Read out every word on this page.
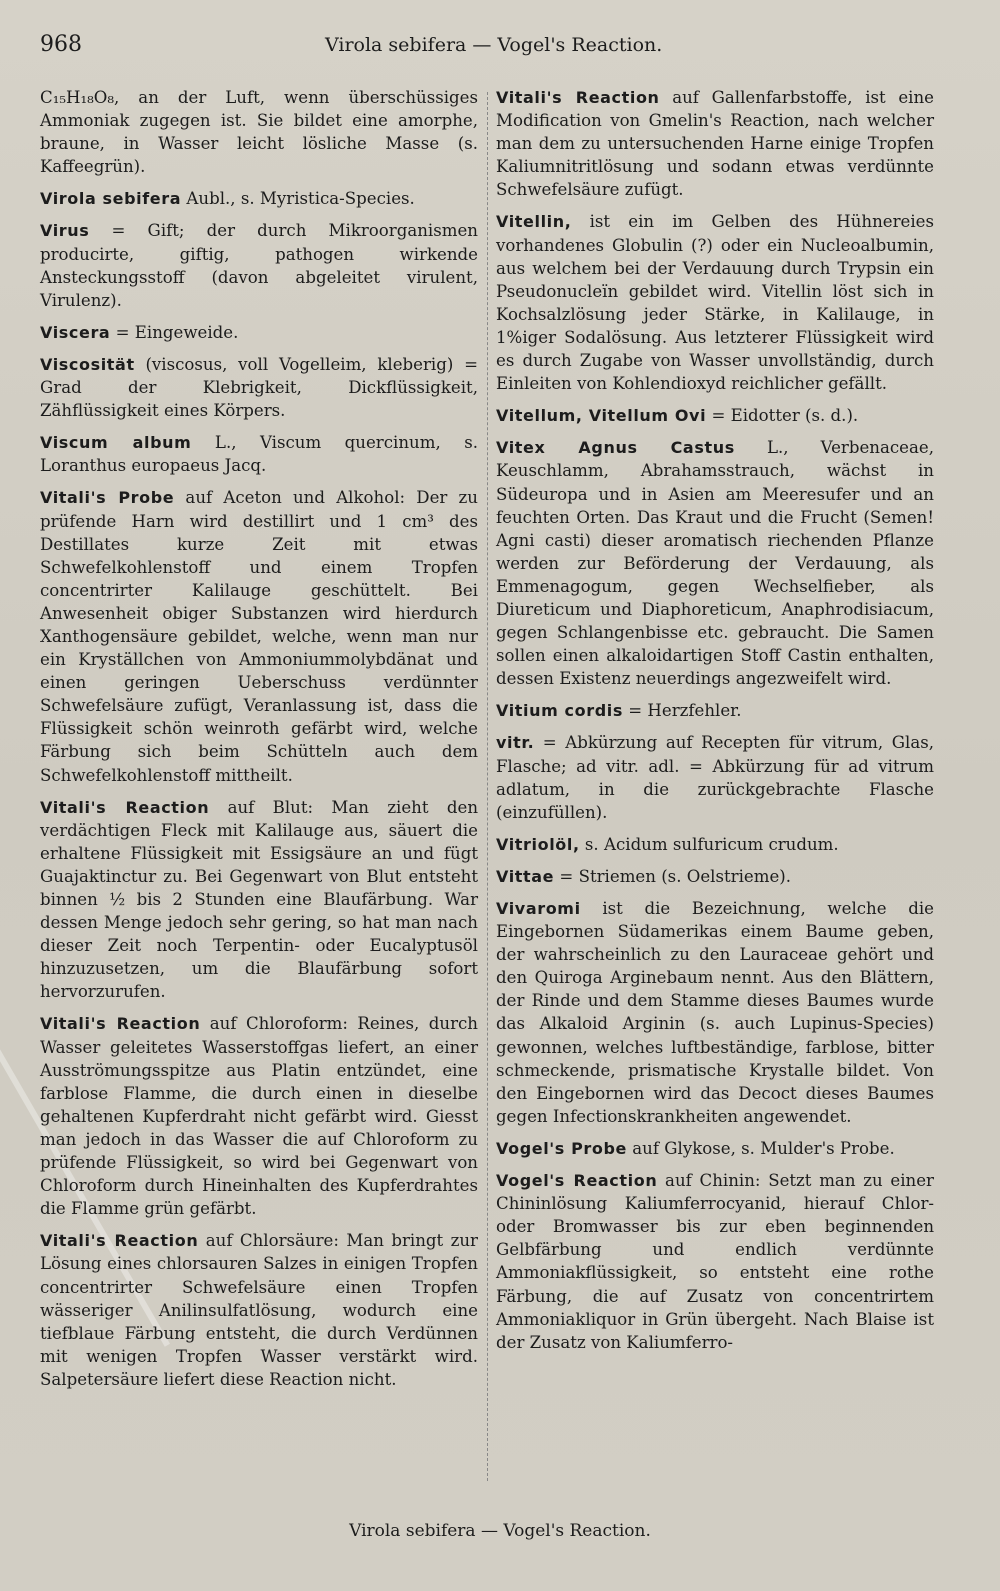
968	Virola sebifera — Vogel's Reaction.

C₁₅H₁₈O₈, an der Luft, wenn überschüssiges Ammoniak zugegen ist. Sie bildet eine amorphe, braune, in Wasser leicht lösliche Masse (s. Kaffeegrün).

Virola sebifera Aubl., s. Myristica-Species.

Virus = Gift; der durch Mikroorganismen producirte, giftig, pathogen wirkende Ansteckungsstoff (davon abgeleitet virulent, Virulenz).

Viscera = Eingeweide.

Viscosität (viscosus, voll Vogelleim, kleberig) = Grad der Klebrigkeit, Dickflüssigkeit, Zähflüssigkeit eines Körpers.

Viscum album L., Viscum quercinum, s. Loranthus europaeus Jacq.

Vitali's Probe auf Aceton und Alkohol: Der zu prüfende Harn wird destillirt und 1 cm³ des Destillates kurze Zeit mit etwas Schwefelkohlenstoff und einem Tropfen concentrirter Kalilauge geschüttelt. Bei Anwesenheit obiger Substanzen wird hierdurch Xanthogensäure gebildet, welche, wenn man nur ein Kryställchen von Ammoniummolybdänat und einen geringen Ueberschuss verdünnter Schwefelsäure zufügt, Veranlassung ist, dass die Flüssigkeit schön weinroth gefärbt wird, welche Färbung sich beim Schütteln auch dem Schwefelkohlenstoff mittheilt.

Vitali's Reaction auf Blut: Man zieht den verdächtigen Fleck mit Kalilauge aus, säuert die erhaltene Flüssigkeit mit Essigsäure an und fügt Guajaktinctur zu. Bei Gegenwart von Blut entsteht binnen ½ bis 2 Stunden eine Blaufärbung. War dessen Menge jedoch sehr gering, so hat man nach dieser Zeit noch Terpentin- oder Eucalyptusöl hinzuzusetzen, um die Blaufärbung sofort hervorzurufen.

Vitali's Reaction auf Chloroform: Reines, durch Wasser geleitetes Wasserstoffgas liefert, an einer Ausströmungsspitze aus Platin entzündet, eine farblose Flamme, die durch einen in dieselbe gehaltenen Kupferdraht nicht gefärbt wird. Giesst man jedoch in das Wasser die auf Chloroform zu prüfende Flüssigkeit, so wird bei Gegenwart von Chloroform durch Hineinhalten des Kupferdrahtes die Flamme grün gefärbt.

Vitali's Reaction auf Chlorsäure: Man bringt zur Lösung eines chlorsauren Salzes in einigen Tropfen concentrirter Schwefelsäure einen Tropfen wässeriger Anilinsulfatlösung, wodurch eine tiefblaue Färbung entsteht, die durch Verdünnen mit wenigen Tropfen Wasser verstärkt wird. Salpetersäure liefert diese Reaction nicht.

Vitali's Reaction auf Gallenfarbstoffe, ist eine Modification von Gmelin's Reaction, nach welcher man dem zu untersuchenden Harne einige Tropfen Kaliumnitritlösung und sodann etwas verdünnte Schwefelsäure zufügt.

Vitellin, ist ein im Gelben des Hühnereies vorhandenes Globulin (?) oder ein Nucleoalbumin, aus welchem bei der Verdauung durch Trypsin ein Pseudonucleïn gebildet wird. Vitellin löst sich in Kochsalzlösung jeder Stärke, in Kalilauge, in 1%iger Sodalösung. Aus letzterer Flüssigkeit wird es durch Zugabe von Wasser unvollständig, durch Einleiten von Kohlendioxyd reichlicher gefällt.

Vitellum, Vitellum Ovi = Eidotter (s. d.).

Vitex Agnus Castus L., Verbenaceae, Keuschlamm, Abrahamsstrauch, wächst in Südeuropa und in Asien am Meeresufer und an feuchten Orten. Das Kraut und die Frucht (Semen! Agni casti) dieser aromatisch riechenden Pflanze werden zur Beförderung der Verdauung, als Emmenagogum, gegen Wechselfieber, als Diureticum und Diaphoreticum, Anaphrodisiacum, gegen Schlangenbisse etc. gebraucht. Die Samen sollen einen alkaloidartigen Stoff Castin enthalten, dessen Existenz neuerdings angezweifelt wird.

Vitium cordis = Herzfehler.

vitr. = Abkürzung auf Recepten für vitrum, Glas, Flasche; ad vitr. adl. = Abkürzung für ad vitrum adlatum, in die zurückgebrachte Flasche (einzufüllen).

Vitriolöl, s. Acidum sulfuricum crudum.

Vittae = Striemen (s. Oelstrieme).

Vivaromi ist die Bezeichnung, welche die Eingebornen Südamerikas einem Baume geben, der wahrscheinlich zu den Lauraceae gehört und den Quiroga Arginebaum nennt. Aus den Blättern, der Rinde und dem Stamme dieses Baumes wurde das Alkaloid Arginin (s. auch Lupinus-Species) gewonnen, welches luftbeständige, farblose, bitter schmeckende, prismatische Krystalle bildet. Von den Eingebornen wird das Decoct dieses Baumes gegen Infectionskrankheiten angewendet.

Vogel's Probe auf Glykose, s. Mulder's Probe.

Vogel's Reaction auf Chinin: Setzt man zu einer Chininlösung Kaliumferrocyanid, hierauf Chlor- oder Bromwasser bis zur eben beginnenden Gelbfärbung und endlich verdünnte Ammoniakflüssigkeit, so entsteht eine rothe Färbung, die auf Zusatz von concentrirtem Ammoniakliquor in Grün übergeht. Nach Blaise ist der Zusatz von Kaliumferro-

Virola sebifera — Vogel's Reaction.
